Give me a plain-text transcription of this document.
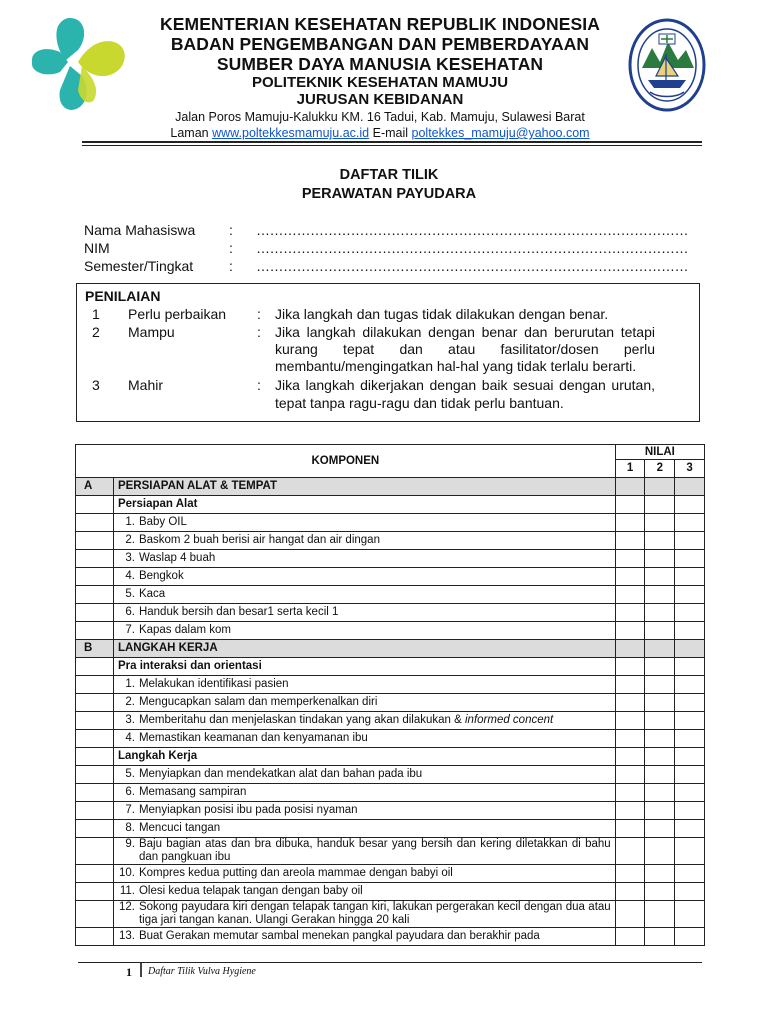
KEMENTERIAN KESEHATAN REPUBLIK INDONESIA
BADAN PENGEMBANGAN DAN PEMBERDAYAAN
SUMBER DAYA MANUSIA KESEHATAN
POLITEKNIK KESEHATAN MAMUJU
JURUSAN KEBIDANAN
Jalan Poros Mamuju-Kalukku KM. 16 Tadui, Kab. Mamuju, Sulawesi Barat
Laman www.poltekkesmamuju.ac.id E-mail poltekkes_mamuju@yahoo.com
DAFTAR TILIK
PERAWATAN PAYUDARA
Nama Mahasiswa : ……………………………………………………………………………………
NIM	: ……………………………………………………………………………………
Semester/Tingkat	: ……………………………………………………………………………………
PENILAIAN
1 Perlu perbaikan : Jika langkah dan tugas tidak dilakukan dengan benar.
2 Mampu	: Jika langkah dilakukan dengan benar dan berurutan tetapi
kurang tepat dan atau fasilitator/dosen perlu
membantu/mengingatkan hal-hal yang tidak terlalu berarti.
3 Mahir	: Jika langkah dikerjakan dengan baik sesuai dengan urutan,
tepat tanpa ragu-ragu dan tidak perlu bantuan.
KOMPONEN		NILAI		
		1	2	3
A	PERSIAPAN ALAT & TEMPAT			
	Persiapan Alat			

	1. Baby OIL			

	2. Baskom 2 buah berisi air hangat dan air dingan			

	3. Waslap 4 buah			

	4. Bengkok			

	5. Kaca			

	6. Handuk bersih dan besar1 serta kecil 1			

	7. Kapas dalam kom			

B	LANGKAH KERJA			
	Pra interaksi dan orientasi			

	1. Melakukan identifikasi pasien			

	2. Mengucapkan salam dan memperkenalkan diri			

	3. Memberitahu dan menjelaskan tindakan yang akan dilakukan & informed concent			

	4. Memastikan keamanan dan kenyamanan ibu			

	Langkah Kerja			

	5. Menyiapkan dan mendekatkan alat dan bahan pada ibu			

	6. Memasang sampiran			

	7. Menyiapkan posisi ibu pada posisi nyaman			

	8. Mencuci tangan			

	9. Baju bagian atas dan bra dibuka, handuk besar yang bersih dan kering diletakkan di bahu dan pangkuan ibu			

	10. Kompres kedua putting dan areola mammae dengan babyi oil			

	11. Olesi kedua telapak tangan dengan baby oil			

	12. Sokong payudara kiri dengan telapak tangan kiri, lakukan pergerakan kecil dengan dua atau tiga jari tangan kanan. Ulangi Gerakan hingga 20 kali			

	13. Buat Gerakan memutar sambal menekan pangkal payudara dan berakhir pada			

1 Daftar Tilik Vulva Hygiene
